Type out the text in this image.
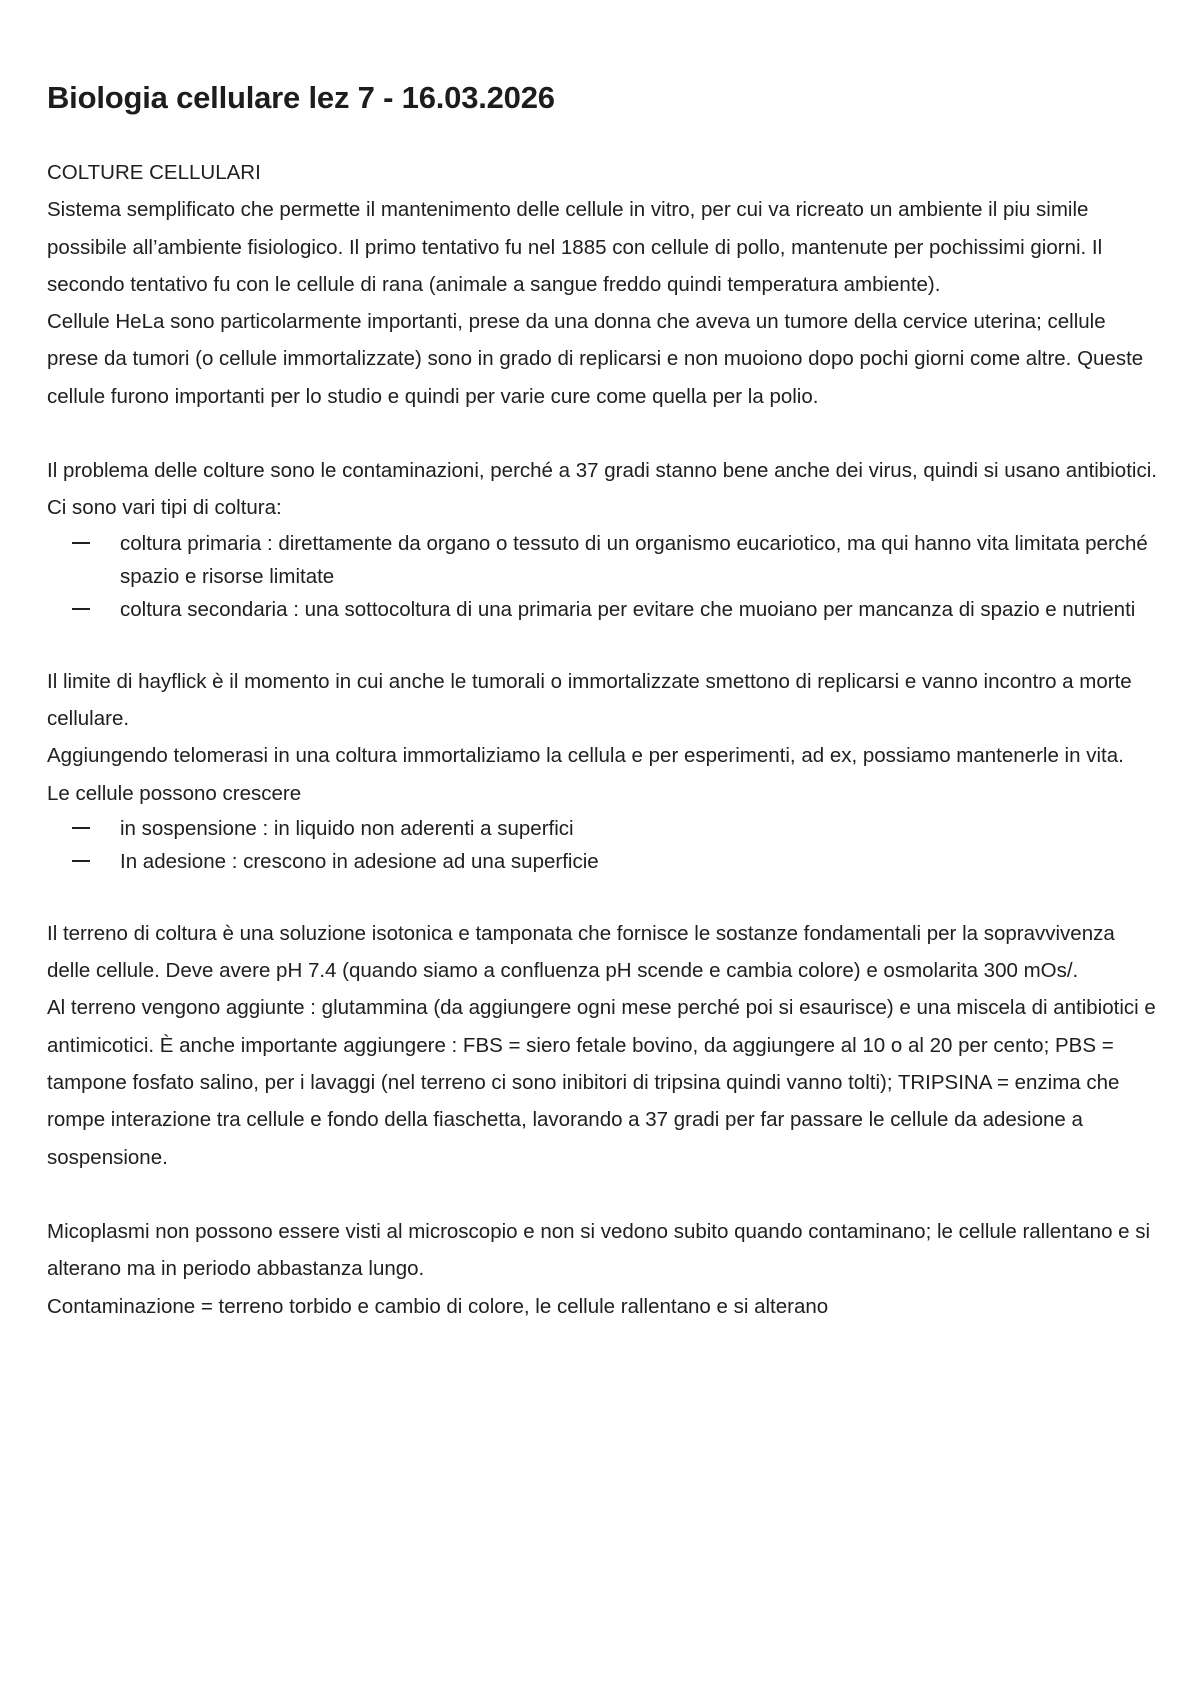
Biologia cellulare lez 7 - 16.03.2026

COLTURE CELLULARI

Sistema semplificato che permette il mantenimento delle cellule in vitro, per cui va ricreato un ambiente il piu simile possibile all’ambiente fisiologico. Il primo tentativo fu nel 1885 con cellule di pollo, mantenute per pochissimi giorni. Il secondo tentativo fu con le cellule di rana (animale a sangue freddo quindi temperatura ambiente).

Cellule HeLa sono particolarmente importanti, prese da una donna che aveva un tumore della cervice uterina; cellule prese da tumori (o cellule immortalizzate) sono in grado di replicarsi e non muoiono dopo pochi giorni come altre. Queste cellule furono importanti per lo studio e quindi per varie cure come quella per la polio.

Il problema delle colture sono le contaminazioni, perché a 37 gradi stanno bene anche dei virus, quindi si usano antibiotici.

Ci sono vari tipi di coltura:

coltura primaria : direttamente da organo o tessuto di un organismo eucariotico, ma qui hanno vita limitata perché spazio e risorse limitate
coltura secondaria : una sottocoltura di una primaria per evitare che muoiano per mancanza di spazio e nutrienti

Il limite di hayflick è il momento in cui anche le tumorali o immortalizzate smettono di replicarsi e vanno incontro a morte cellulare.

Aggiungendo telomerasi in una coltura immortaliziamo la cellula e per esperimenti, ad ex, possiamo mantenerle in vita.

Le cellule possono crescere

in sospensione : in liquido non aderenti a superfici
In adesione : crescono in adesione ad una superficie

Il terreno di coltura è una soluzione isotonica e tamponata che fornisce le sostanze fondamentali per la sopravvivenza delle cellule. Deve avere pH 7.4 (quando siamo a confluenza pH scende e cambia colore) e osmolarita 300 mOs/.

Al terreno vengono aggiunte : glutammina (da aggiungere ogni mese perché poi si esaurisce) e una miscela di antibiotici e antimicotici. È anche importante aggiungere : FBS = siero fetale bovino, da aggiungere al 10 o al 20 per cento; PBS = tampone fosfato salino, per i lavaggi (nel terreno ci sono inibitori di tripsina quindi vanno tolti); TRIPSINA = enzima che rompe interazione tra cellule e fondo della fiaschetta, lavorando a 37 gradi per far passare le cellule da adesione a sospensione.

Micoplasmi non possono essere visti al microscopio e non si vedono subito quando contaminano; le cellule rallentano e si alterano ma in periodo abbastanza lungo.

Contaminazione = terreno torbido e cambio di colore, le cellule rallentano e si alterano
